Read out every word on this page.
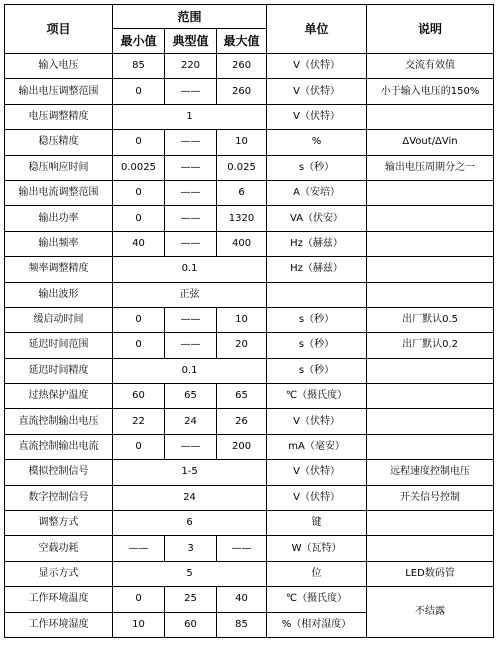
项目	范围			单位	说明
	最小值	典型值	最大值		
输入电压	85	220	260	V（伏特）	交流有效值
输出电压调整范围	0	——	260	V（伏特）	小于输入电压的150%
电压调整精度	1			V（伏特）	
稳压精度	0	——	10	%	ΔVout/ΔVin
稳压响应时间	0.0025	——	0.025	s（秒）	输出电压周期分之一
输出电流调整范围	0	——	6	A（安培）	
输出功率	0	——	1320	VA（伏安）	
输出频率	40	——	400	Hz（赫兹）	
频率调整精度	0.1			Hz（赫兹）	
输出波形	正弦				
缓启动时间	0	——	10	s（秒）	出厂默认0.5
延迟时间范围	0	——	20	s（秒）	出厂默认0.2
延迟时间精度	0.1			s（秒）	
过热保护温度	60	65	65	℃（摄氏度）	
直流控制输出电压	22	24	26	V（伏特）	
直流控制输出电流	0	——	200	mA（毫安）	
模拟控制信号	1-5			V（伏特）	远程速度控制电压
数字控制信号	24			V（伏特）	开关信号控制
调整方式	6			键	
空载功耗	——	3	——	W（瓦特）	
显示方式	5			位	LED数码管
工作环境温度	0	25	40	℃（摄氏度）	不结露
工作环境湿度	10	60	85	%（相对湿度）	
